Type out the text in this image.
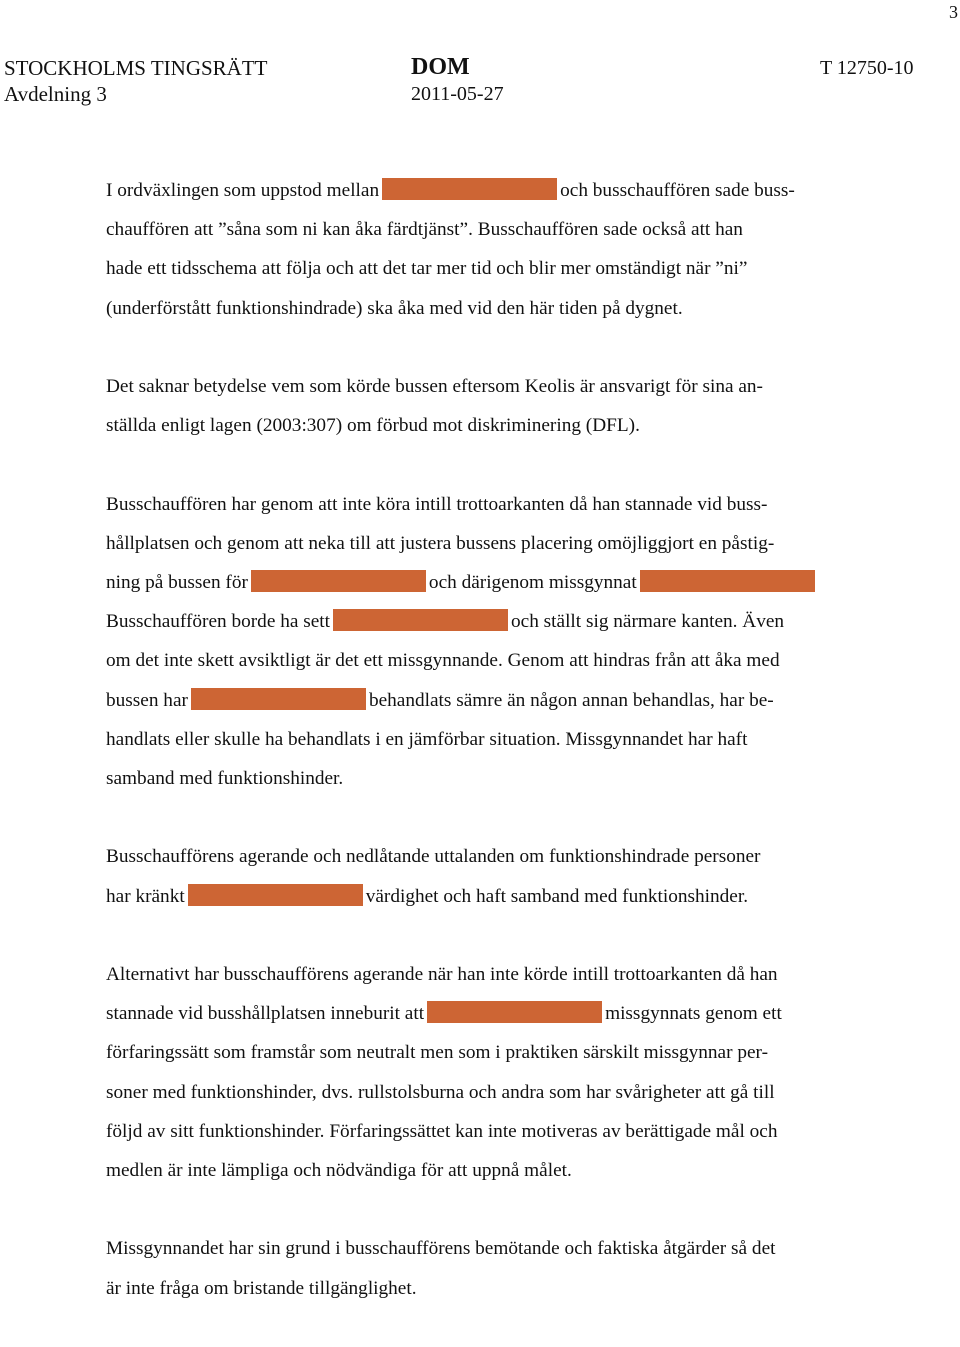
3
STOCKHOLMS TINGSRÄTT
Avdelning 3
DOM
2011-05-27
T 12750-10

I ordväxlingen som uppstod mellan	och busschauffören sade buss-
chauffören att ”såna som ni kan åka färdtjänst”. Busschauffören sade också att han
hade ett tidsschema att följa och att det tar mer tid och blir mer omständigt när ”ni”
(underförstått funktionshindrade) ska åka med vid den här tiden på dygnet.

Det saknar betydelse vem som körde bussen eftersom Keolis är ansvarigt för sina an-
ställda enligt lagen (2003:307) om förbud mot diskriminering (DFL).

Busschauffören har genom att inte köra intill trottoarkanten då han stannade vid buss-
hållplatsen och genom att neka till att justera bussens placering omöjliggjort en påstig-
ning på bussen för	och därigenom missgynnat
Busschauffören borde ha sett	och ställt sig närmare kanten. Även
om det inte skett avsiktligt är det ett missgynnande. Genom att hindras från att åka med
bussen har	behandlats sämre än någon annan behandlas, har be-
handlats eller skulle ha behandlats i en jämförbar situation. Missgynnandet har haft
samband med funktionshinder.

Busschaufförens agerande och nedlåtande uttalanden om funktionshindrade personer
har kränkt	värdighet och haft samband med funktionshinder.

Alternativt har busschaufförens agerande när han inte körde intill trottoarkanten då han
stannade vid busshållplatsen inneburit att	missgynnats genom ett
förfaringssätt som framstår som neutralt men som i praktiken särskilt missgynnar per-
soner med funktionshinder, dvs. rullstolsburna och andra som har svårigheter att gå till
följd av sitt funktionshinder. Förfaringssättet kan inte motiveras av berättigade mål och
medlen är inte lämpliga och nödvändiga för att uppnå målet.

Missgynnandet har sin grund i busschaufförens bemötande och faktiska åtgärder så det
är inte fråga om bristande tillgänglighet.
